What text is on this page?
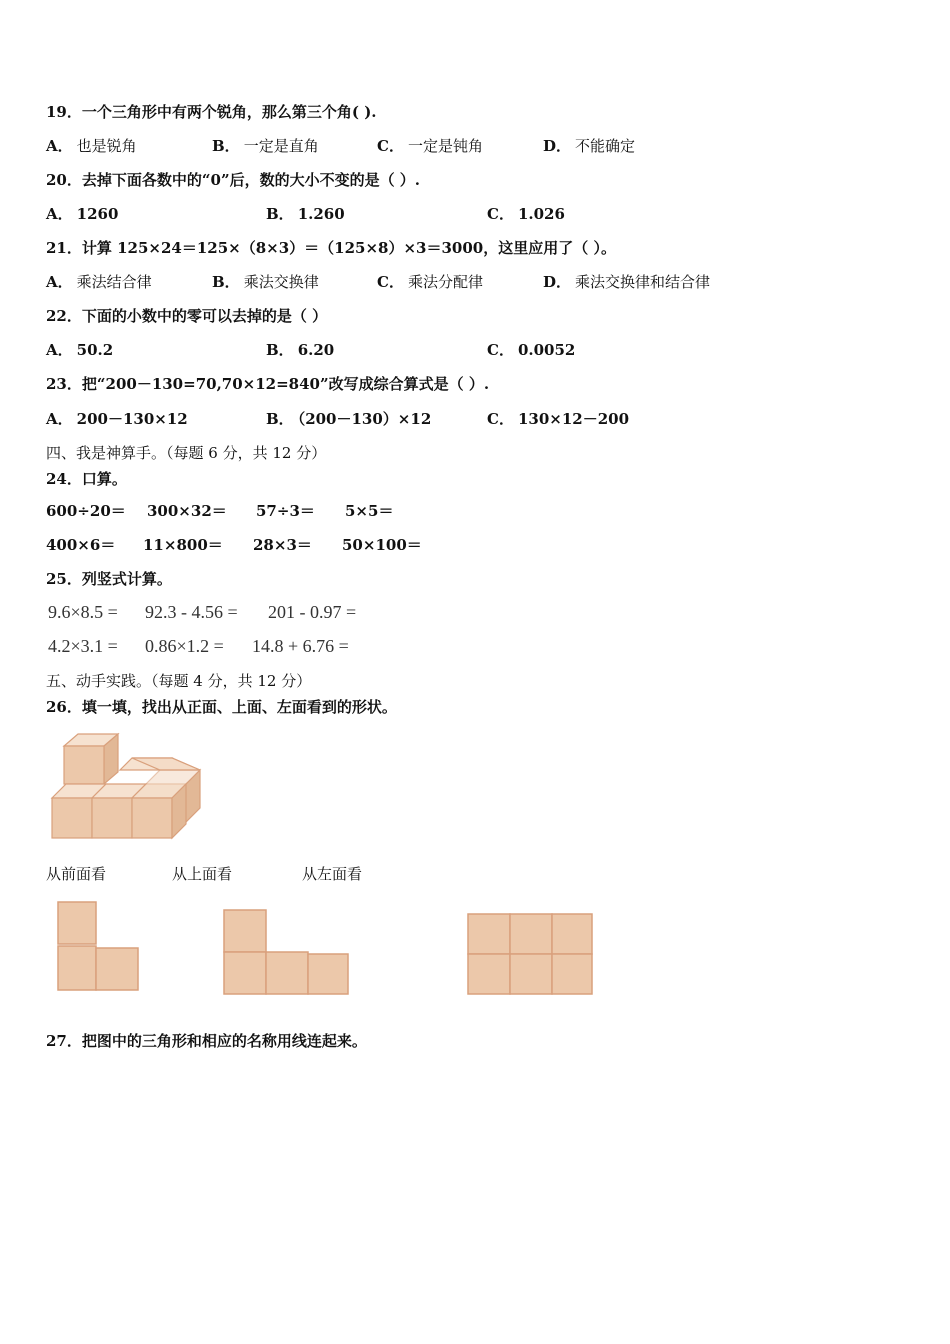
19．一个三角形中有两个锐角，那么第三个角( ).
A． 也是锐角	B． 一定是直角	C． 一定是钝角	D． 不能确定
20．去掉下面各数中的“0”后，数的大小不变的是（ ）.
A． 1260	B． 1.260	C． 1.026
21．计算 125×24＝125×（8×3）＝（125×8）×3＝3000，这里应用了（ ）。
A． 乘法结合律	B． 乘法交换律	C． 乘法分配律	D． 乘法交换律和结合律
22．下面的小数中的零可以去掉的是（ ）
A． 50.2	B． 6.20	C． 0.0052
23．把“200－130=70,70×12=840”改写成综合算式是（ ）.
A． 200－130×12	B． （200－130）×12	C． 130×12－200
四、我是神算手。（每题 6 分，共 12 分）
24．口算。
600÷20＝ 300×32＝ 57÷3＝ 5×5＝
400×6＝ 11×800＝ 28×3＝ 50×100＝
25．列竖式计算。
9.6×8.5 = 92.3 - 4.56 = 201 - 0.97 =
4.2×3.1 = 0.86×1.2 = 14.8 + 6.76 =
五、动手实践。（每题 4 分，共 12 分）
26．填一填，找出从正面、上面、左面看到的形状。
从前面看	从上面看	从左面看
27．把图中的三角形和相应的名称用线连起来。
